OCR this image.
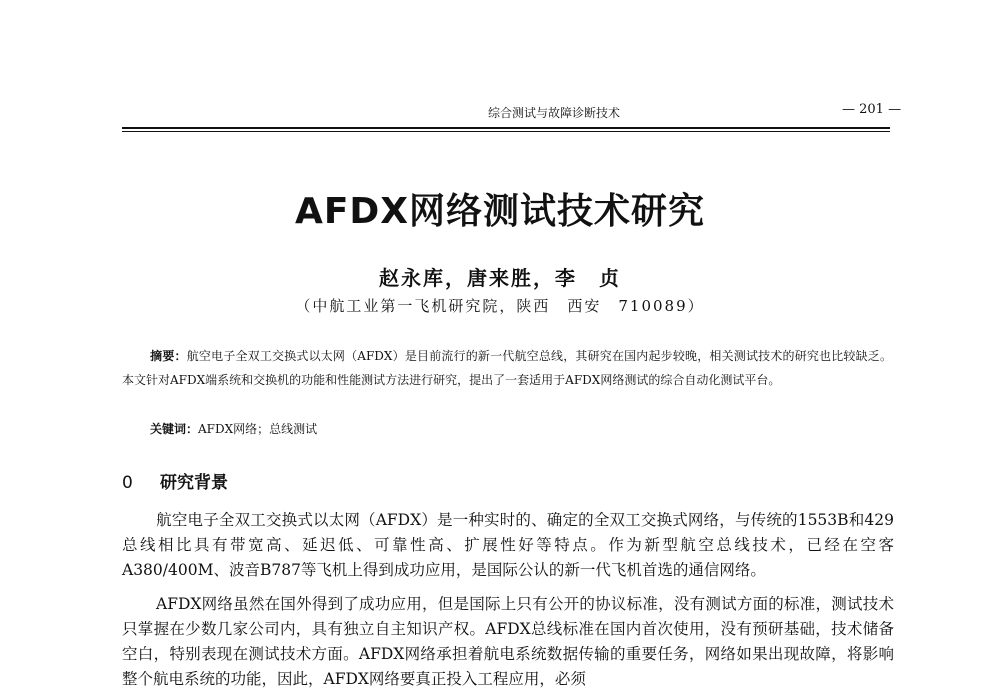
综合测试与故障诊断技术	— 201 —
AFDX网络测试技术研究
赵永库，唐来胜，李　贞
（中航工业第一飞机研究院，陕西　西安　710089）

摘要：航空电子全双工交换式以太网（AFDX）是目前流行的新一代航空总线，其研究在国内起步较晚，相关测试技术的研究也比较缺乏。本文针对AFDX端系统和交换机的功能和性能测试方法进行研究，提出了一套适用于AFDX网络测试的综合自动化测试平台。

关键词：AFDX网络；总线测试
0 研究背景

航空电子全双工交换式以太网（AFDX）是一种实时的、确定的全双工交换式网络，与传统的1553B和429总线相比具有带宽高、延迟低、可靠性高、扩展性好等特点。作为新型航空总线技术，已经在空客A380/400M、波音B787等飞机上得到成功应用，是国际公认的新一代飞机首选的通信网络。

AFDX网络虽然在国外得到了成功应用，但是国际上只有公开的协议标准，没有测试方面的标准，测试技术只掌握在少数几家公司内，具有独立自主知识产权。AFDX总线标准在国内首次使用，没有预研基础，技术储备空白，特别表现在测试技术方面。AFDX网络承担着航电系统数据传输的重要任务，网络如果出现故障，将影响整个航电系统的功能，因此，AFDX网络要真正投入工程应用，必须
